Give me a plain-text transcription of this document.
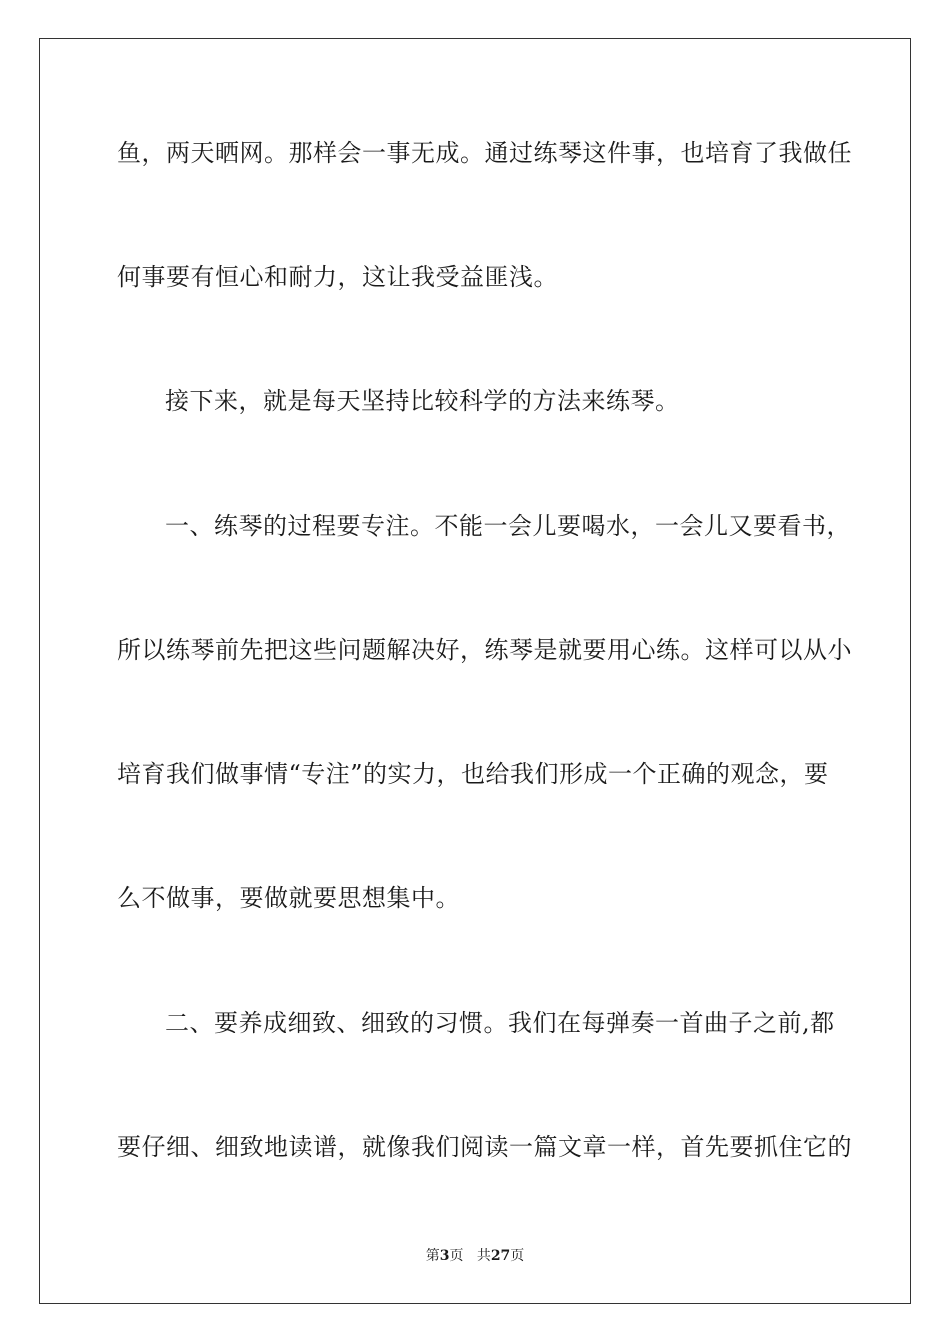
鱼，两天晒网。那样会一事无成。通过练琴这件事，也培育了我做任
何事要有恒心和耐力，这让我受益匪浅。
接下来，就是每天坚持比较科学的方法来练琴。
一、练琴的过程要专注。不能一会儿要喝水，一会儿又要看书，
所以练琴前先把这些问题解决好，练琴是就要用心练。这样可以从小
培育我们做事情“专注”的实力，也给我们形成一个正确的观念，要
么不做事，要做就要思想集中。
二、要养成细致、细致的习惯。我们在每弹奏一首曲子之前,都
要仔细、细致地读谱，就像我们阅读一篇文章一样，首先要抓住它的
第3页 共27页
